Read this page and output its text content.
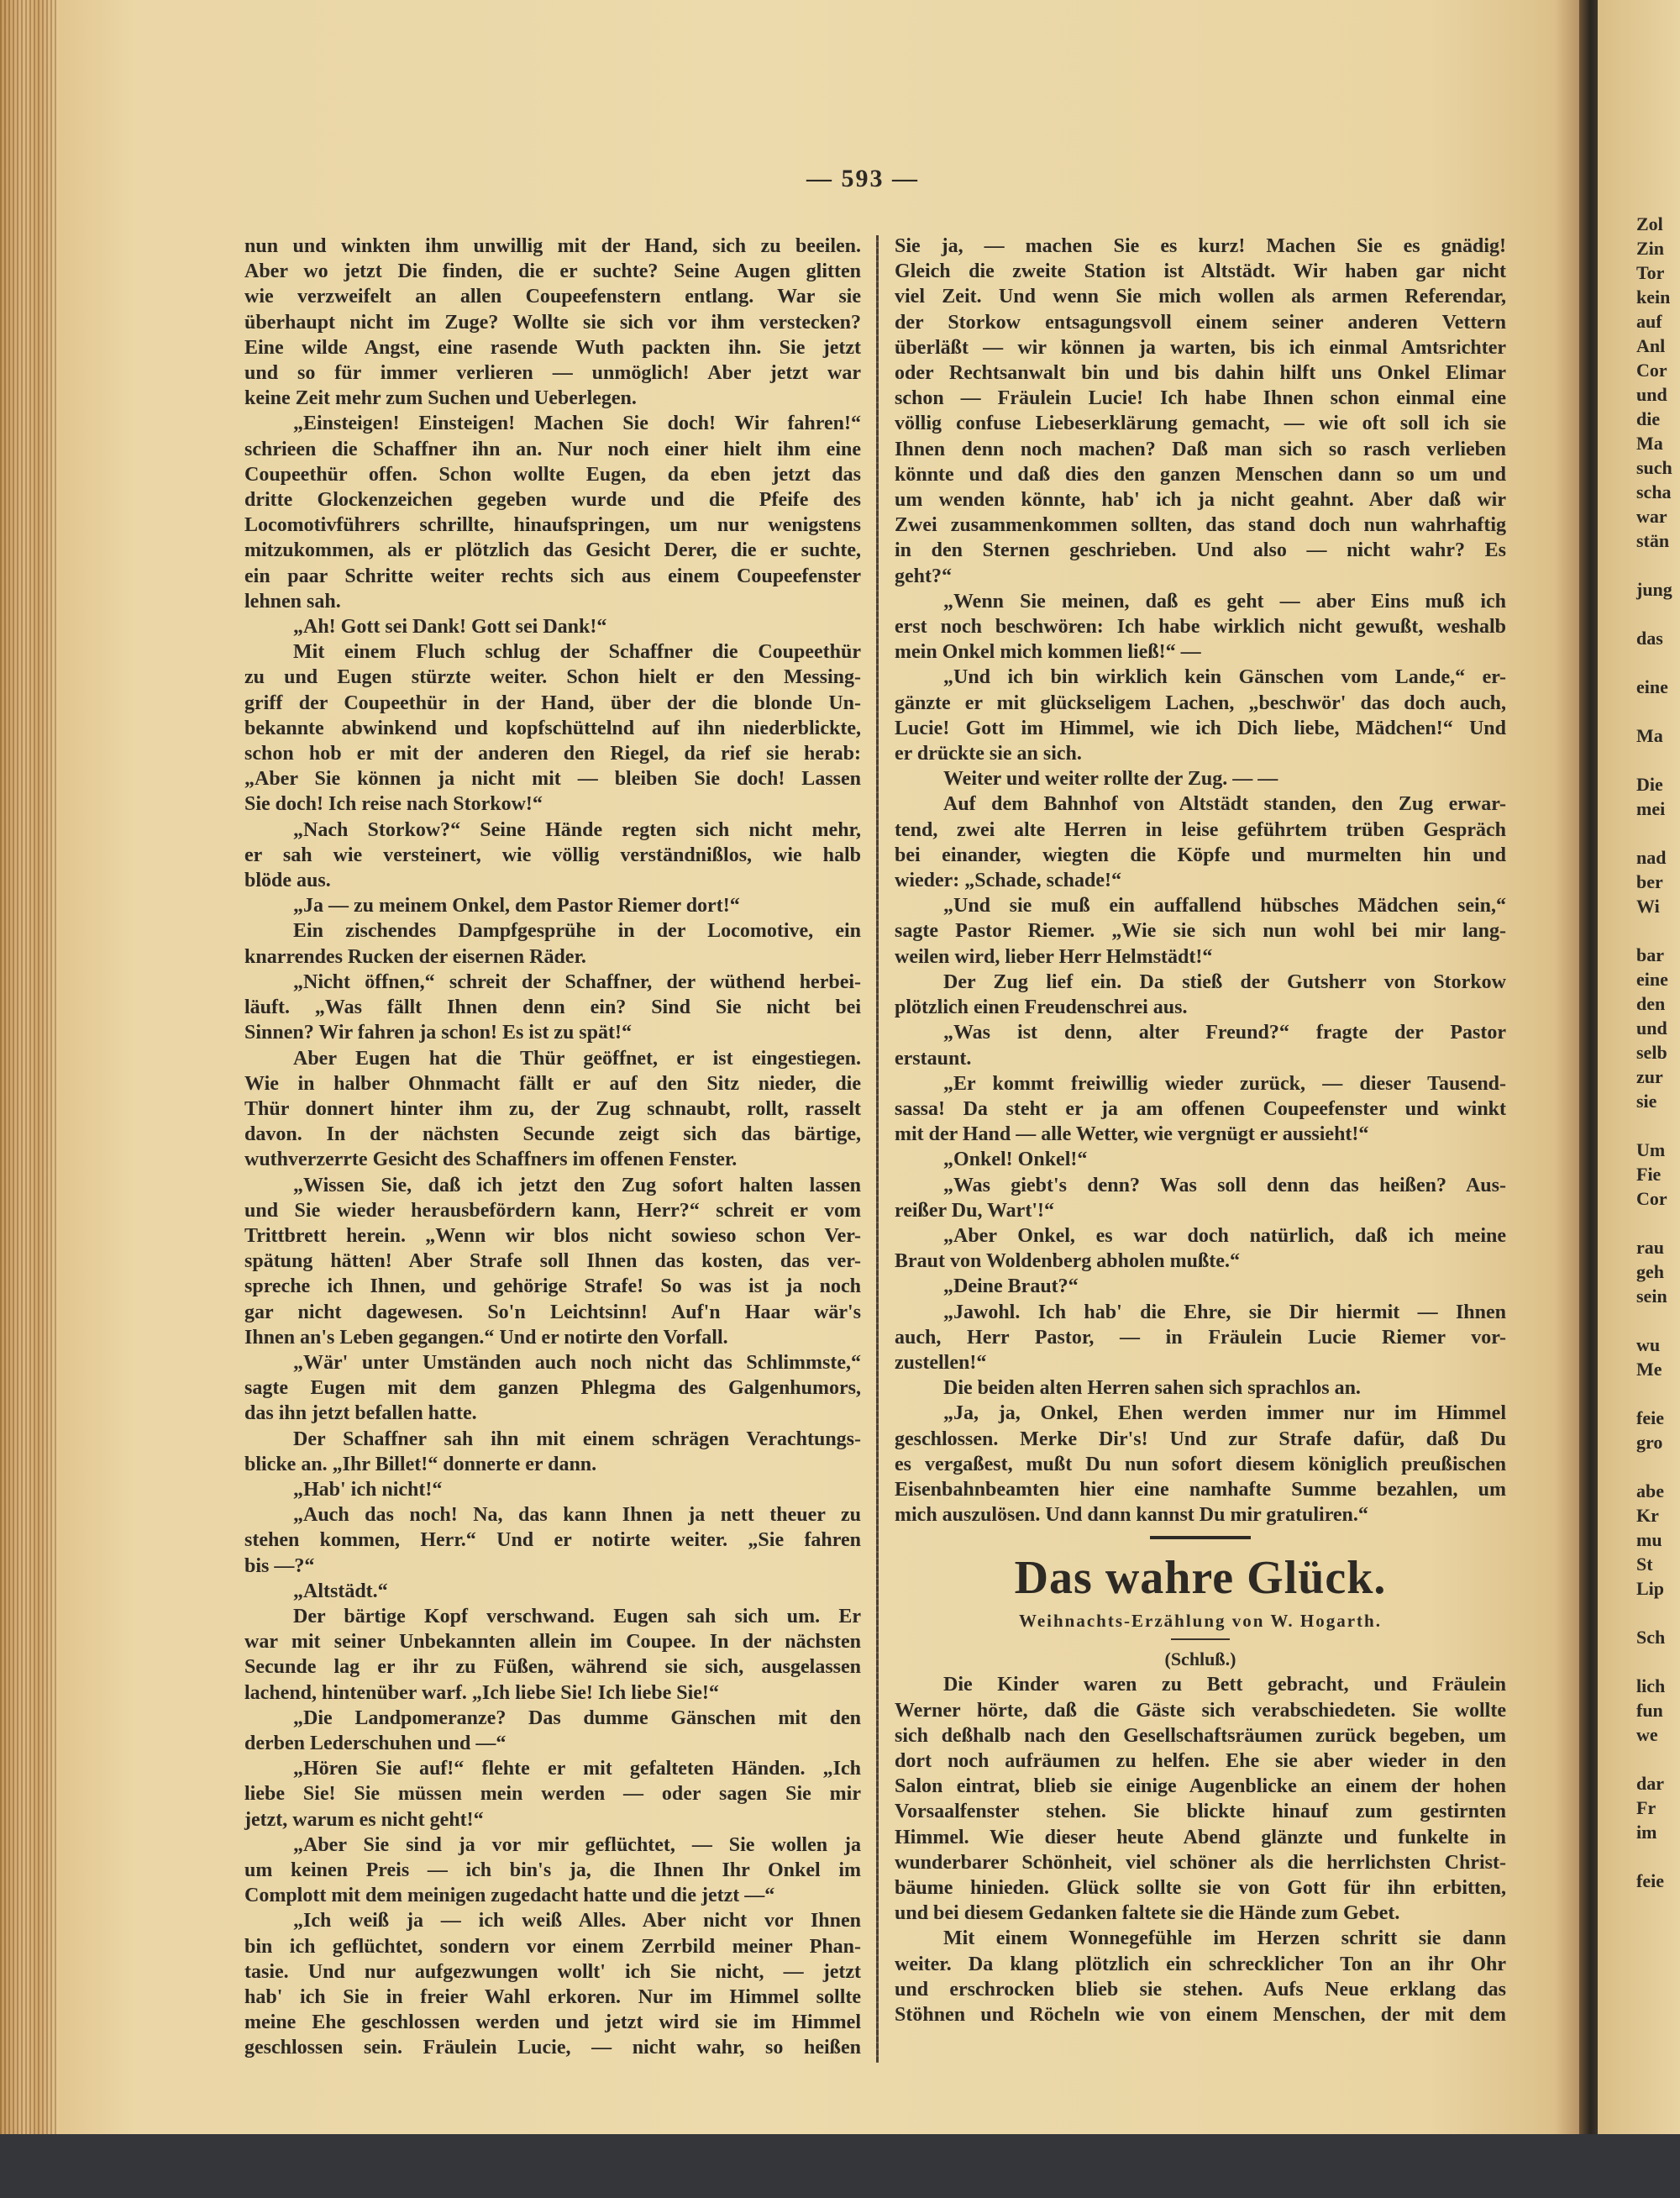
— 593 —
nun und winkten ihm unwillig mit der Hand, sich zu beeilen.
Aber wo jetzt Die finden, die er suchte? Seine Augen glitten
wie verzweifelt an allen Coupeefenstern entlang. War sie
überhaupt nicht im Zuge? Wollte sie sich vor ihm verstecken?
Eine wilde Angst, eine rasende Wuth packten ihn. Sie jetzt
und so für immer verlieren — unmöglich! Aber jetzt war
keine Zeit mehr zum Suchen und Ueberlegen.
„Einsteigen! Einsteigen! Machen Sie doch! Wir fahren!“
schrieen die Schaffner ihn an. Nur noch einer hielt ihm eine
Coupeethür offen. Schon wollte Eugen, da eben jetzt das
dritte Glockenzeichen gegeben wurde und die Pfeife des
Locomotivführers schrillte, hinaufspringen, um nur wenigstens
mitzukommen, als er plötzlich das Gesicht Derer, die er suchte,
ein paar Schritte weiter rechts sich aus einem Coupeefenster
lehnen sah.
„Ah! Gott sei Dank! Gott sei Dank!“
Mit einem Fluch schlug der Schaffner die Coupeethür
zu und Eugen stürzte weiter. Schon hielt er den Messing-
griff der Coupeethür in der Hand, über der die blonde Un-
bekannte abwinkend und kopfschüttelnd auf ihn niederblickte,
schon hob er mit der anderen den Riegel, da rief sie herab:
„Aber Sie können ja nicht mit — bleiben Sie doch! Lassen
Sie doch! Ich reise nach Storkow!“
„Nach Storkow?“ Seine Hände regten sich nicht mehr,
er sah wie versteinert, wie völlig verständnißlos, wie halb
blöde aus.
„Ja — zu meinem Onkel, dem Pastor Riemer dort!“
Ein zischendes Dampfgesprühe in der Locomotive, ein
knarrendes Rucken der eisernen Räder.
„Nicht öffnen,“ schreit der Schaffner, der wüthend herbei-
läuft. „Was fällt Ihnen denn ein? Sind Sie nicht bei
Sinnen? Wir fahren ja schon! Es ist zu spät!“
Aber Eugen hat die Thür geöffnet, er ist eingestiegen.
Wie in halber Ohnmacht fällt er auf den Sitz nieder, die
Thür donnert hinter ihm zu, der Zug schnaubt, rollt, rasselt
davon. In der nächsten Secunde zeigt sich das bärtige,
wuthverzerrte Gesicht des Schaffners im offenen Fenster.
„Wissen Sie, daß ich jetzt den Zug sofort halten lassen
und Sie wieder herausbefördern kann, Herr?“ schreit er vom
Trittbrett herein. „Wenn wir blos nicht sowieso schon Ver-
spätung hätten! Aber Strafe soll Ihnen das kosten, das ver-
spreche ich Ihnen, und gehörige Strafe! So was ist ja noch
gar nicht dagewesen. So'n Leichtsinn! Auf'n Haar wär's
Ihnen an's Leben gegangen.“ Und er notirte den Vorfall.
„Wär' unter Umständen auch noch nicht das Schlimmste,“
sagte Eugen mit dem ganzen Phlegma des Galgenhumors,
das ihn jetzt befallen hatte.
Der Schaffner sah ihn mit einem schrägen Verachtungs-
blicke an. „Ihr Billet!“ donnerte er dann.
„Hab' ich nicht!“
„Auch das noch! Na, das kann Ihnen ja nett theuer zu
stehen kommen, Herr.“ Und er notirte weiter. „Sie fahren
bis —?“
„Altstädt.“
Der bärtige Kopf verschwand. Eugen sah sich um. Er
war mit seiner Unbekannten allein im Coupee. In der nächsten
Secunde lag er ihr zu Füßen, während sie sich, ausgelassen
lachend, hintenüber warf. „Ich liebe Sie! Ich liebe Sie!“
„Die Landpomeranze? Das dumme Gänschen mit den
derben Lederschuhen und —“
„Hören Sie auf!“ flehte er mit gefalteten Händen. „Ich
liebe Sie! Sie müssen mein werden — oder sagen Sie mir
jetzt, warum es nicht geht!“
„Aber Sie sind ja vor mir geflüchtet, — Sie wollen ja
um keinen Preis — ich bin's ja, die Ihnen Ihr Onkel im
Complott mit dem meinigen zugedacht hatte und die jetzt —“
„Ich weiß ja — ich weiß Alles. Aber nicht vor Ihnen
bin ich geflüchtet, sondern vor einem Zerrbild meiner Phan-
tasie. Und nur aufgezwungen wollt' ich Sie nicht, — jetzt
hab' ich Sie in freier Wahl erkoren. Nur im Himmel sollte
meine Ehe geschlossen werden und jetzt wird sie im Himmel
geschlossen sein. Fräulein Lucie, — nicht wahr, so heißen
Sie ja, — machen Sie es kurz! Machen Sie es gnädig!
Gleich die zweite Station ist Altstädt. Wir haben gar nicht
viel Zeit. Und wenn Sie mich wollen als armen Referendar,
der Storkow entsagungsvoll einem seiner anderen Vettern
überläßt — wir können ja warten, bis ich einmal Amtsrichter
oder Rechtsanwalt bin und bis dahin hilft uns Onkel Elimar
schon — Fräulein Lucie! Ich habe Ihnen schon einmal eine
völlig confuse Liebeserklärung gemacht, — wie oft soll ich sie
Ihnen denn noch machen? Daß man sich so rasch verlieben
könnte und daß dies den ganzen Menschen dann so um und
um wenden könnte, hab' ich ja nicht geahnt. Aber daß wir
Zwei zusammenkommen sollten, das stand doch nun wahrhaftig
in den Sternen geschrieben. Und also — nicht wahr? Es
geht?“
„Wenn Sie meinen, daß es geht — aber Eins muß ich
erst noch beschwören: Ich habe wirklich nicht gewußt, weshalb
mein Onkel mich kommen ließ!“ —
„Und ich bin wirklich kein Gänschen vom Lande,“ er-
gänzte er mit glückseligem Lachen, „beschwör' das doch auch,
Lucie! Gott im Himmel, wie ich Dich liebe, Mädchen!“ Und
er drückte sie an sich.
Weiter und weiter rollte der Zug. — —
Auf dem Bahnhof von Altstädt standen, den Zug erwar-
tend, zwei alte Herren in leise geführtem trüben Gespräch
bei einander, wiegten die Köpfe und murmelten hin und
wieder: „Schade, schade!“
„Und sie muß ein auffallend hübsches Mädchen sein,“
sagte Pastor Riemer. „Wie sie sich nun wohl bei mir lang-
weilen wird, lieber Herr Helmstädt!“
Der Zug lief ein. Da stieß der Gutsherr von Storkow
plötzlich einen Freudenschrei aus.
„Was ist denn, alter Freund?“ fragte der Pastor
erstaunt.
„Er kommt freiwillig wieder zurück, — dieser Tausend-
sassa! Da steht er ja am offenen Coupeefenster und winkt
mit der Hand — alle Wetter, wie vergnügt er aussieht!“
„Onkel! Onkel!“
„Was giebt's denn? Was soll denn das heißen? Aus-
reißer Du, Wart'!“
„Aber Onkel, es war doch natürlich, daß ich meine
Braut von Woldenberg abholen mußte.“
„Deine Braut?“
„Jawohl. Ich hab' die Ehre, sie Dir hiermit — Ihnen
auch, Herr Pastor, — in Fräulein Lucie Riemer vor-
zustellen!“
Die beiden alten Herren sahen sich sprachlos an.
„Ja, ja, Onkel, Ehen werden immer nur im Himmel
geschlossen. Merke Dir's! Und zur Strafe dafür, daß Du
es vergaßest, mußt Du nun sofort diesem königlich preußischen
Eisenbahnbeamten hier eine namhafte Summe bezahlen, um
mich auszulösen. Und dann kannst Du mir gratuliren.“
Das wahre Glück.
Weihnachts-Erzählung von W. Hogarth.
(Schluß.)
Die Kinder waren zu Bett gebracht, und Fräulein
Werner hörte, daß die Gäste sich verabschiedeten. Sie wollte
sich deßhalb nach den Gesellschaftsräumen zurück begeben, um
dort noch aufräumen zu helfen. Ehe sie aber wieder in den
Salon eintrat, blieb sie einige Augenblicke an einem der hohen
Vorsaalfenster stehen. Sie blickte hinauf zum gestirnten
Himmel. Wie dieser heute Abend glänzte und funkelte in
wunderbarer Schönheit, viel schöner als die herrlichsten Christ-
bäume hinieden. Glück sollte sie von Gott für ihn erbitten,
und bei diesem Gedanken faltete sie die Hände zum Gebet.
Mit einem Wonnegefühle im Herzen schritt sie dann
weiter. Da klang plötzlich ein schrecklicher Ton an ihr Ohr
und erschrocken blieb sie stehen. Aufs Neue erklang das
Stöhnen und Röcheln wie von einem Menschen, der mit dem
Zol
Zin
Tor
kein
auf
Anl
Cor
und
die
Ma
such
scha
war
stän
jung
das
eine
Ma
Die
mei
nad
ber
Wi
bar
eine
den
und
selb
zur
sie
Um
Fie
Cor
rau
geh
sein
wu
Me
feie
gro
abe
Kr
mu
St
Lip
Sch
lich
fun
we
dar
Fr
im
feie
